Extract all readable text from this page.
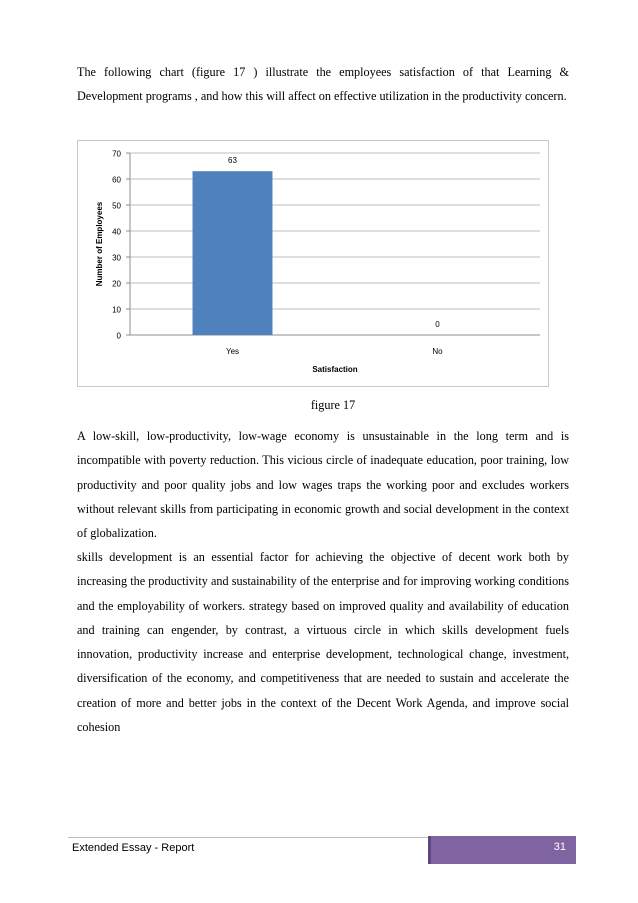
The following chart (figure 17 ) illustrate the employees satisfaction of that Learning & Development programs , and how this will affect on effective utilization in the productivity concern.

0
10
20
30
40
50
60
70
63
Yes
0
No
Satisfaction
Number of Employees
figure 17

A low-skill, low-productivity, low-wage economy is unsustainable in the long term and is incompatible with poverty reduction. This vicious circle of inadequate education, poor training, low productivity and poor quality jobs and low wages traps the working poor and excludes workers without relevant skills from participating in economic growth and social development in the context of globalization.

skills development is an essential factor for achieving the objective of decent work both by increasing the productivity and sustainability of the enterprise and for improving working conditions and the employability of workers. strategy based on improved quality and availability of education and training can engender, by contrast, a virtuous circle in which skills development fuels innovation, productivity increase and enterprise development, technological change, investment, diversification of the economy, and competitiveness that are needed to sustain and accelerate the creation of more and better jobs in the context of the Decent Work Agenda, and improve social cohesion

Extended Essay - Report	31
